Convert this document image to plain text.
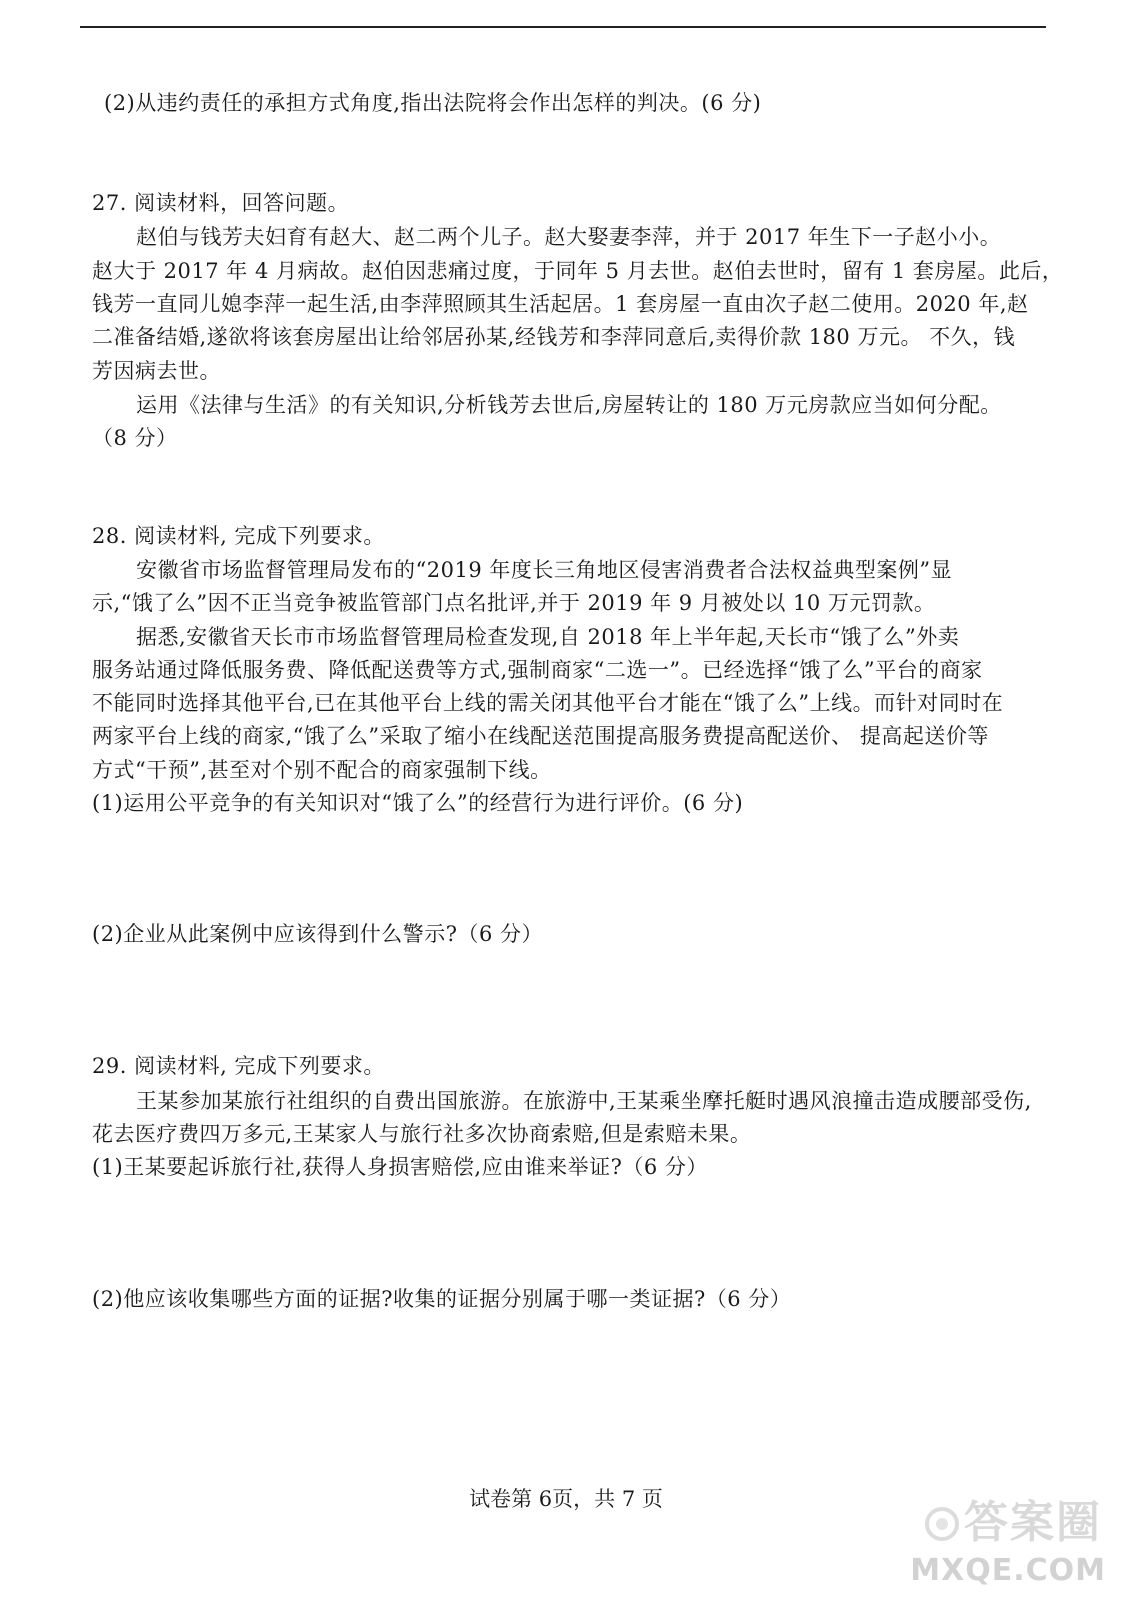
(2)从违约责任的承担方式角度,指出法院将会作出怎样的判决。(6 分)
27. 阅读材料，回答问题。
赵伯与钱芳夫妇育有赵大、赵二两个儿子。赵大娶妻李萍，并于 2017 年生下一子赵小小。
赵大于 2017 年 4 月病故。赵伯因悲痛过度，于同年 5 月去世。赵伯去世时，留有 1 套房屋。此后，
钱芳一直同儿媳李萍一起生活,由李萍照顾其生活起居。1 套房屋一直由次子赵二使用。2020 年,赵
二准备结婚,遂欲将该套房屋出让给邻居孙某,经钱芳和李萍同意后,卖得价款 180 万元。 不久，钱
芳因病去世。
运用《法律与生活》的有关知识,分析钱芳去世后,房屋转让的 180 万元房款应当如何分配。
（8 分）
28. 阅读材料, 完成下列要求。
安徽省市场监督管理局发布的“2019 年度长三角地区侵害消费者合法权益典型案例”显
示,“饿了么”因不正当竞争被监管部门点名批评,并于 2019 年 9 月被处以 10 万元罚款。
据悉,安徽省天长市市场监督管理局检查发现,自 2018 年上半年起,天长市“饿了么”外卖
服务站通过降低服务费、降低配送费等方式,强制商家“二选一”。已经选择“饿了么”平台的商家
不能同时选择其他平台,已在其他平台上线的需关闭其他平台才能在“饿了么”上线。而针对同时在
两家平台上线的商家,“饿了么”采取了缩小在线配送范围提高服务费提高配送价、 提高起送价等
方式“干预”,甚至对个别不配合的商家强制下线。
(1)运用公平竞争的有关知识对“饿了么”的经营行为进行评价。(6 分)
(2)企业从此案例中应该得到什么警示?（6 分）
29. 阅读材料, 完成下列要求。
王某参加某旅行社组织的自费出国旅游。在旅游中,王某乘坐摩托艇时遇风浪撞击造成腰部受伤,
花去医疗费四万多元,王某家人与旅行社多次协商索赔,但是索赔未果。
(1)王某要起诉旅行社,获得人身损害赔偿,应由谁来举证?（6 分）
(2)他应该收集哪些方面的证据?收集的证据分别属于哪一类证据?（6 分）
试卷第 6页，共 7 页	答案圈
MXQE.COM
